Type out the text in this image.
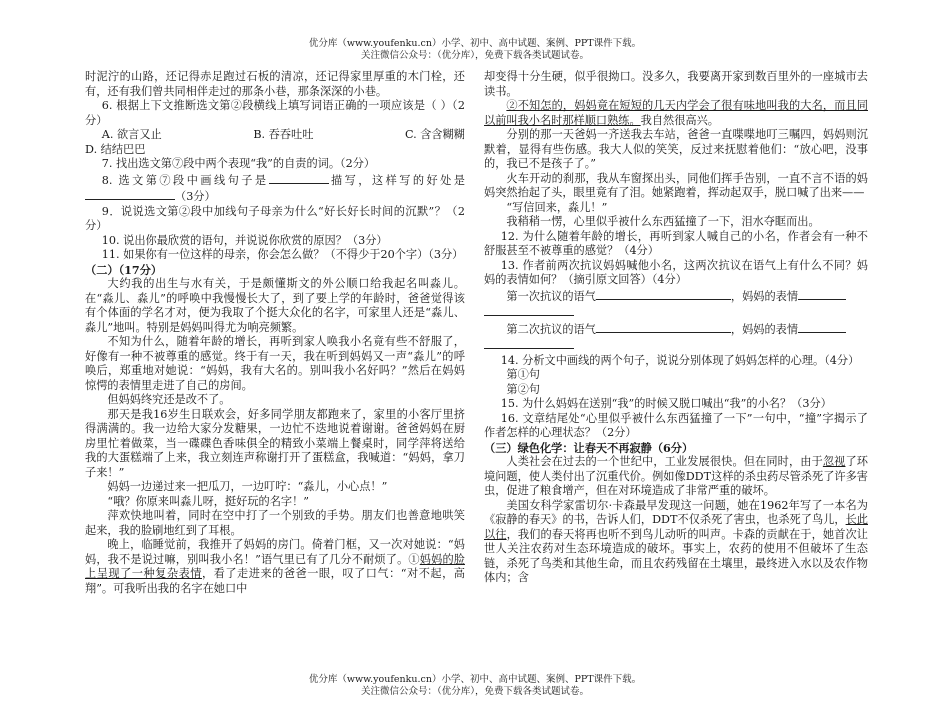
优分库（www.youfenku.cn）小学、初中、高中试题、案例、PPT课件下载。
关注微信公众号：（优分库），免费下载各类试题试卷。

时泥泞的山路，还记得赤足跑过石板的清凉，还记得家里厚重的木门栓，还有，还有我们曾共同相伴走过的那条小巷，那条深深的小巷。

6. 根据上下文推断选文第②段横线上填写词语正确的一项应该是（ ）（2分）

A. 欲言又止	B. 吞吞吐吐	C. 含含糊糊

D. 结结巴巴

7. 找出选文第⑦段中两个表现“我”的自责的词。（2分）

8. 选文第⑦段中画线句子是	描写，这样写的好处是（3分）

9．说说选文第②段中加线句子母亲为什么“好长好长时间的沉默”？（2分）

10. 说出你最欣赏的语句，并说说你欣赏的原因？（3分）

11. 如果你有一位这样的母亲，你会怎么做？（不得少于20个字）（3分）

（二）（17分）

大约我的出生与水有关，于是颇懂斯文的外公顺口给我起名叫淼儿。在“淼儿、淼儿”的呼唤中我慢慢长大了，到了要上学的年龄时，爸爸觉得该有个体面的学名才对，便为我取了个挺大众化的名字，可家里人还是“淼儿、淼儿”地叫。特别是妈妈叫得尤为响亮频繁。

不知为什么，随着年龄的增长，再听到家人唤我小名竟有些不舒服了，好像有一种不被尊重的感觉。终于有一天，我在听到妈妈又一声“淼儿”的呼唤后，郑重地对她说：“妈妈，我有大名的。别叫我小名好吗？”然后在妈妈惊愕的表情里走进了自己的房间。

但妈妈终究还是改不了。

那天是我16岁生日联欢会，好多同学朋友都跑来了，家里的小客厅里挤得满满的。我一边给大家分发糖果，一边忙不迭地说着谢谢。爸爸妈妈在厨房里忙着做菜，当一碟碟色香味俱全的精致小菜端上餐桌时，同学萍将送给我的大蛋糕端了上来，我立刻连声称谢打开了蛋糕盒，我喊道：“妈妈，拿刀子来！”

妈妈一边递过来一把瓜刀，一边叮咛：“淼儿，小心点！”

“哦？你原来叫淼儿呀，挺好玩的名字！”

萍欢快地叫着，同时在空中打了一个别致的手势。朋友们也善意地哄笑起来，我的脸刷地红到了耳根。

晚上，临睡觉前，我推开了妈妈的房门。倚着门框，又一次对她说：“妈妈，我不是说过嘛，别叫我小名！”语气里已有了几分不耐烦了。①妈妈的脸上呈现了一种复杂表情，看了走进来的爸爸一眼，叹了口气：“对不起，高翔”。可我听出我的名字在她口中

却变得十分生硬，似乎很拗口。没多久，我要离开家到数百里外的一座城市去读书。

②不知怎的，妈妈竟在短短的几天内学会了很有味地叫我的大名，而且同以前叫我小名时那样顺口熟练。我自然很高兴。

分别的那一天爸妈一齐送我去车站，爸爸一直喋喋地叮三嘱四，妈妈则沉默着，显得有些伤感。我大人似的笑笑，反过来抚慰着他们：“放心吧，没事的，我已不是孩子了。”

火车开动的刹那，我从车窗探出头，同他们挥手告别，一直不言不语的妈妈突然抬起了头，眼里竟有了泪。她紧跑着，挥动起双手，脱口喊了出来——

“写信回来，淼儿！”

我稍稍一愣，心里似乎被什么东西猛撞了一下，泪水夺眶而出。

12. 为什么随着年龄的增长，再听到家人喊自己的小名，作者会有一种不舒服甚至不被尊重的感觉？（4分）

13. 作者前两次抗议妈妈喊他小名，这两次抗议在语气上有什么不同？妈妈的表情如何？（摘引原文回答）（4分）

第一次抗议的语气	，妈妈的表情

第二次抗议的语气	，妈妈的表情

14. 分析文中画线的两个句子，说说分别体现了妈妈怎样的心理。（4分）

第①句

第②句

15. 为什么妈妈在送别“我”的时候又脱口喊出“我”的小名？（3分）

16. 文章结尾处“心里似乎被什么东西猛撞了一下”一句中，“撞”字揭示了作者怎样的心理状态？（2分）

（三）绿色化学：让春天不再寂静（6分）

人类社会在过去的一个世纪中，工业发展很快。但在同时，由于忽视了环境问题，使人类付出了沉重代价。例如像DDT这样的杀虫药尽管杀死了许多害虫，促进了粮食增产，但在对环境造成了非常严重的破坏。

美国女科学家雷切尔·卡森最早发现这一问题，她在1962年写了一本名为《寂静的春天》的书，告诉人们，DDT不仅杀死了害虫，也杀死了鸟儿，长此以往，我们的春天将再也听不到鸟儿动听的叫声。卡森的贡献在于，她首次让世人关注农药对生态环境造成的破坏。事实上，农药的使用不但破坏了生态链，杀死了鸟类和其他生命，而且农药残留在土壤里，最终进入水以及农作物体内；含

优分库（www.youfenku.cn）小学、初中、高中试题、案例、PPT课件下载。
关注微信公众号：（优分库），免费下载各类试题试卷。
